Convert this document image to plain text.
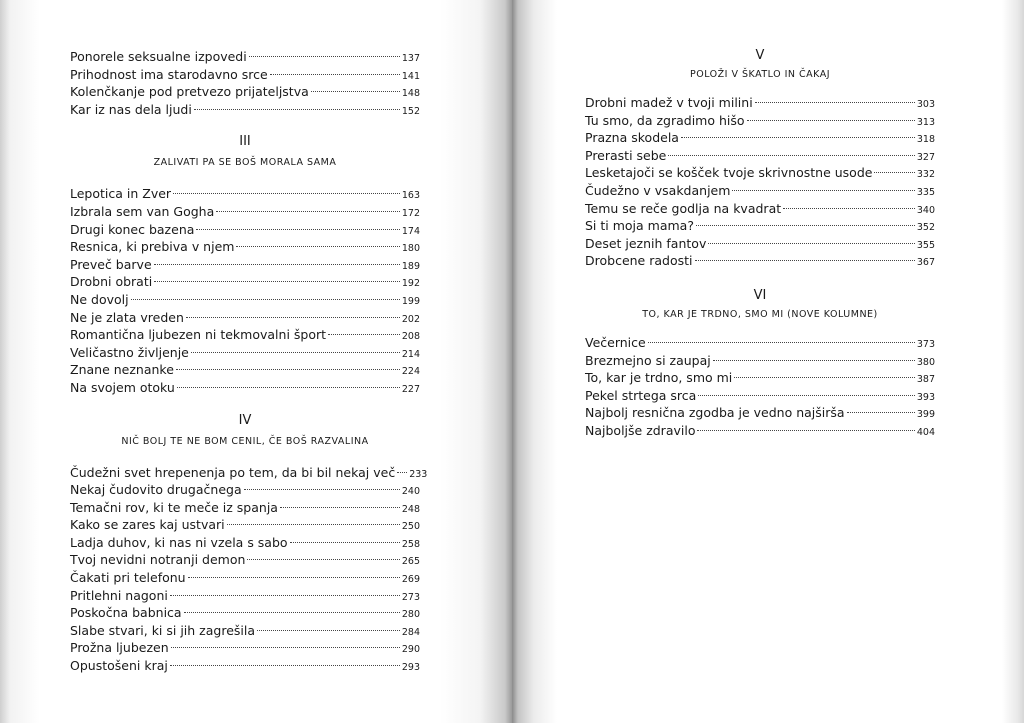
Ponorele seksualne izpovedi	137
Prihodnost ima starodavno srce	141
Kolenčkanje pod pretvezo prijateljstva	148
Kar iz nas dela ljudi	152
III
ZALIVATI PA SE BOŠ MORALA SAMA
Lepotica in Zver	163
Izbrala sem van Gogha	172
Drugi konec bazena	174
Resnica, ki prebiva v njem	180
Preveč barve	189
Drobni obrati	192
Ne dovolj	199
Ne je zlata vreden	202
Romantična ljubezen ni tekmovalni šport	208
Veličastno življenje	214
Znane neznanke	224
Na svojem otoku	227
IV
NIČ BOLJ TE NE BOM CENIL, ČE BOŠ RAZVALINA
Čudežni svet hrepenenja po tem, da bi bil nekaj več 233
Nekaj čudovito drugačnega	240
Temačni rov, ki te meče iz spanja	248
Kako se zares kaj ustvari	250
Ladja duhov, ki nas ni vzela s sabo	258
Tvoj nevidni notranji demon	265
Čakati pri telefonu	269
Pritlehni nagoni	273
Poskočna babnica	280
Slabe stvari, ki si jih zagrešila	284
Prožna ljubezen	290
Opustošeni kraj	293
V
POLOŽI V ŠKATLO IN ČAKAJ
Drobni madež v tvoji milini	303
Tu smo, da zgradimo hišo	313
Prazna skodela	318
Prerasti sebe	327
Lesketajoči se košček tvoje skrivnostne usode	332
Čudežno v vsakdanjem	335
Temu se reče godlja na kvadrat	340
Si ti moja mama?	352
Deset jeznih fantov	355
Drobcene radosti	367
VI
TO, KAR JE TRDNO, SMO MI (NOVE KOLUMNE)
Večernice	373
Brezmejno si zaupaj	380
To, kar je trdno, smo mi	387
Pekel strtega srca	393
Najbolj resnična zgodba je vedno najširša	399
Najboljše zdravilo	404
